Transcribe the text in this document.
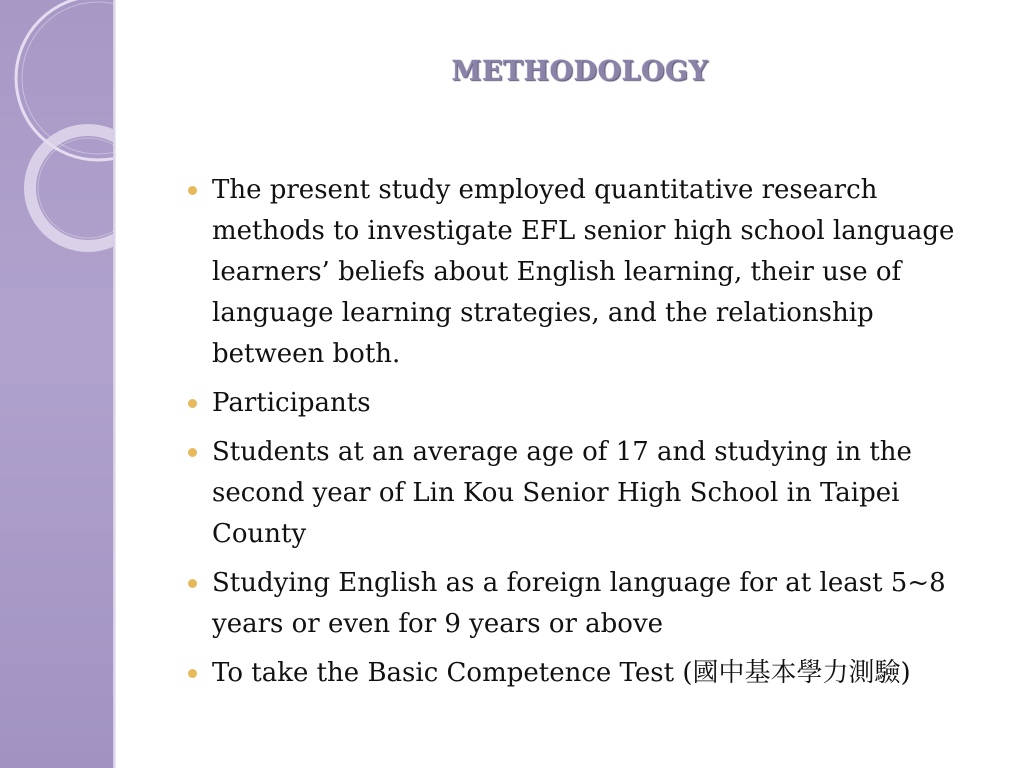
METHODOLOGY
The present study employed quantitative research methods to investigate EFL senior high school language learners’ beliefs about English learning, their use of language learning strategies, and the relationship between both.
Participants
Students at an average age of 17 and studying in the second year of Lin Kou Senior High School in Taipei County
Studying English as a foreign language for at least 5~8 years or even for 9 years or above
To take the Basic Competence Test (國中基本學力測驗)
